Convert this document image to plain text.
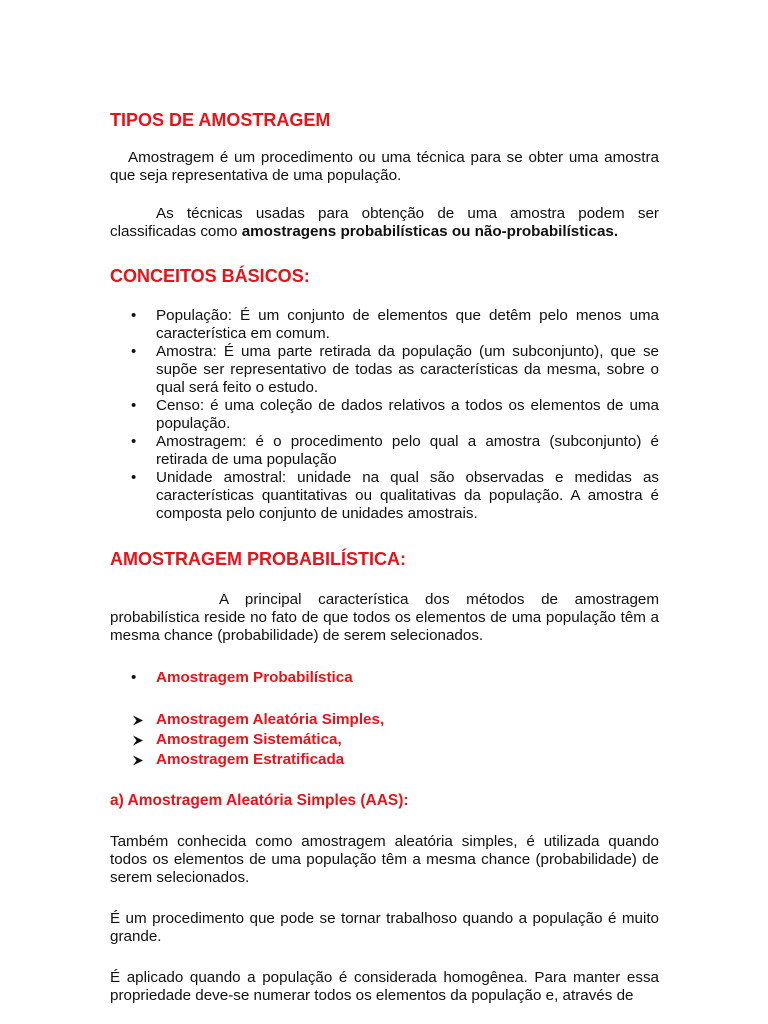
TIPOS DE AMOSTRAGEM

Amostragem é um procedimento ou uma técnica para se obter uma amostra que seja representativa de uma população.

As técnicas usadas para obtenção de uma amostra podem ser classificadas como amostragens probabilísticas ou não-probabilísticas.

CONCEITOS BÁSICOS:
• População: É um conjunto de elementos que detêm pelo menos uma característica em comum.
• Amostra: É uma parte retirada da população (um subconjunto), que se supõe ser representativo de todas as características da mesma, sobre o qual será feito o estudo.
• Censo: é uma coleção de dados relativos a todos os elementos de uma população.
• Amostragem: é o procedimento pelo qual a amostra (subconjunto) é retirada de uma população
• Unidade amostral: unidade na qual são observadas e medidas as características quantitativas ou qualitativas da população. A amostra é composta pelo conjunto de unidades amostrais.
AMOSTRAGEM PROBABILÍSTICA:

A principal característica dos métodos de amostragem probabilística reside no fato de que todos os elementos de uma população têm a mesma chance (probabilidade) de serem selecionados.

• Amostragem Probabilística
Amostragem Aleatória Simples,
Amostragem Sistemática,
Amostragem Estratificada
a) Amostragem Aleatória Simples (AAS):

Também conhecida como amostragem aleatória simples, é utilizada quando todos os elementos de uma população têm a mesma chance (probabilidade) de serem selecionados.

É um procedimento que pode se tornar trabalhoso quando a população é muito grande.

É aplicado quando a população é considerada homogênea. Para manter essa propriedade deve-se numerar todos os elementos da população e, através de
